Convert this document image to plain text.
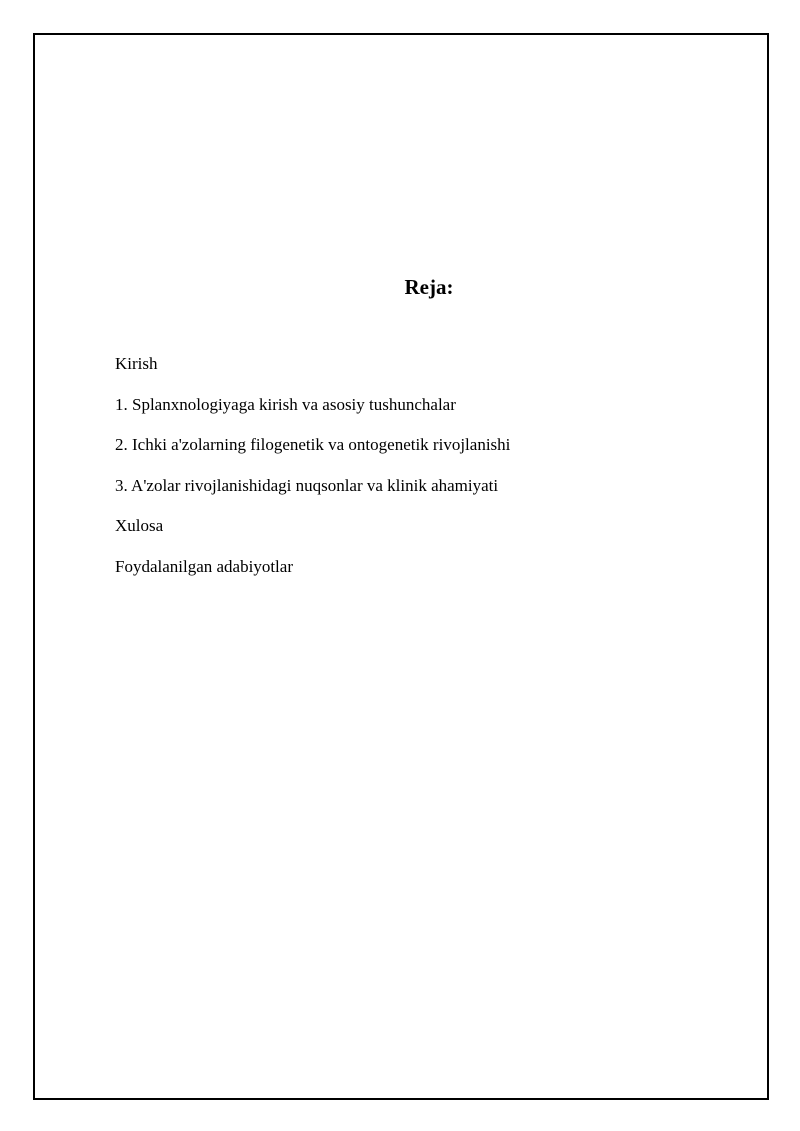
Reja:
Kirish
1. Splanxnologiyaga kirish va asosiy tushunchalar
2. Ichki a'zolarning filogenetik va ontogenetik rivojlanishi
3. A'zolar rivojlanishidagi nuqsonlar va klinik ahamiyati
Xulosa
Foydalanilgan adabiyotlar
